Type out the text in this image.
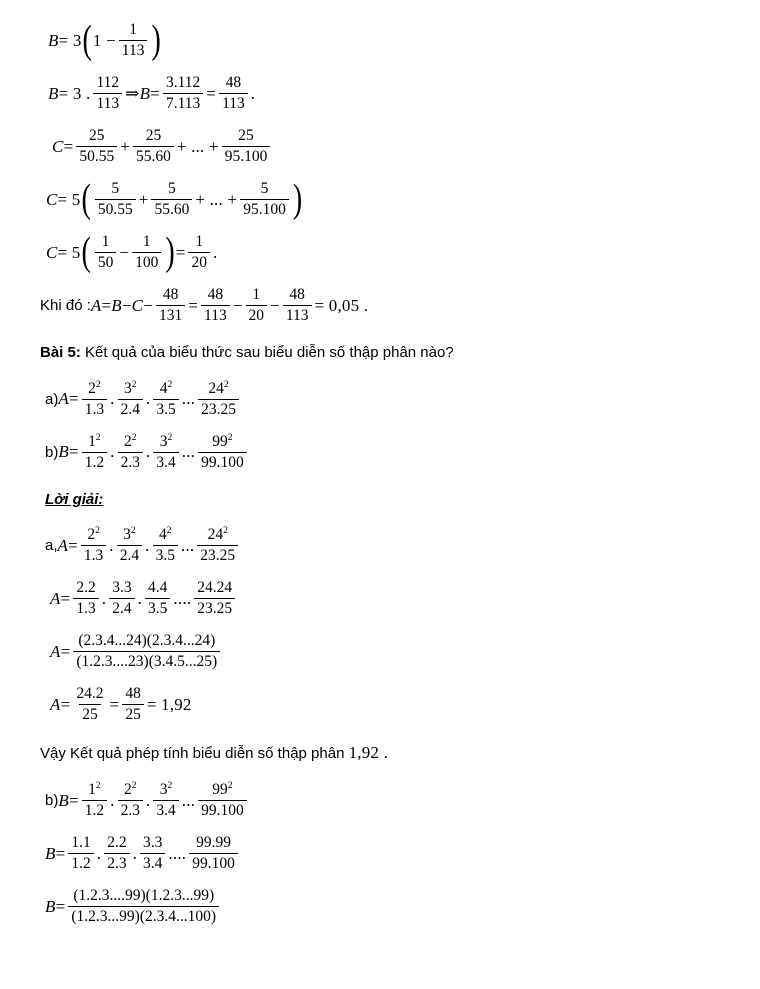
B = 3 ( $1 - \frac{1}{113}$ )
B = 3 . $\frac{112}{113}$ ⇒ $B = \frac{3.112}{7.113} = \frac{48}{113}$ .
$C = \frac{25}{50.55} + \frac{25}{55.60}$ + ... + $\frac{25}{95.100}$
C = 5 ( $\frac{5}{50.55} + \frac{5}{55.60}$ + ... + $\frac{5}{95.100}$ )
C = 5 ( $\frac{1}{50} - \frac{1}{100}$ ) = $\frac{1}{20}$ .
Khi đó : $A = B - C - \frac{48}{131} = \frac{48}{113} - \frac{1}{20} - \frac{48}{113} = 0,05$ .
Bài 5: Kết quả của biểu thức sau biểu diễn số thập phân nào?
a) $A = \frac{2^2}{1.3}$ . $\frac{3^2}{2.4}$ . $\frac{4^2}{3.5}$ ... $\frac{24^2}{23.25}$
b) $B = \frac{1^2}{1.2}$ . $\frac{2^2}{2.3}$ . $\frac{3^2}{3.4}$ ... $\frac{99^2}{99.100}$
Lời giải:
a, $A = \frac{2^2}{1.3}$ . $\frac{3^2}{2.4}$ . $\frac{4^2}{3.5}$ ... $\frac{24^2}{23.25}$
$A = \frac{2.2}{1.3}$ . $\frac{3.3}{2.4}$ . $\frac{4.4}{3.5}$ .... $\frac{24.24}{23.25}$
$A = \frac{(2.3.4...24)(2.3.4...24)}{(1.2.3....23)(3.4.5...25)}$
$A = \frac{24.2}{25} = \frac{48}{25} = 1,92$
Vậy Kết quả phép tính biểu diễn số thập phân 1,92 .
b) $B = \frac{1^2}{1.2}$ . $\frac{2^2}{2.3}$ . $\frac{3^2}{3.4}$ ... $\frac{99^2}{99.100}$
$B = \frac{1.1}{1.2}$ . $\frac{2.2}{2.3}$ . $\frac{3.3}{3.4}$ .... $\frac{99.99}{99.100}$
$B = \frac{(1.2.3....99)(1.2.3...99)}{(1.2.3...99)(2.3.4...100)}$
